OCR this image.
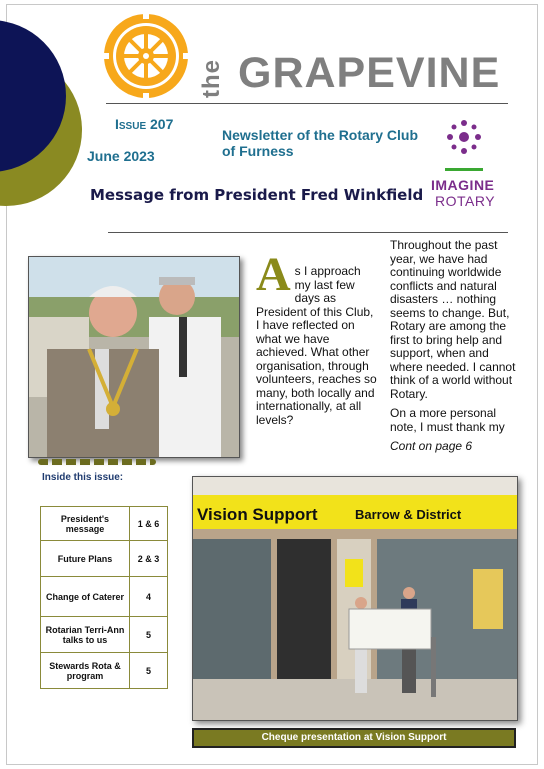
the GRAPEVINE
Issue 207
June 2023
Newsletter of the Rotary Club of Furness
IMAGINE
ROTARY
Message from President Fred Winkfield
As I approach my last few days as President of this Club, I have reflected on what we have achieved. What other organisation, through volunteers, reaches so many, both locally and internationally, at all levels?

Throughout the past year, we have had continuing worldwide conflicts and natural disasters … nothing seems to change. But, Rotary are among the first to bring help and support, when and where needed. I cannot think of a world without Rotary.

On a more personal note, I must thank my

Cont on page 6

Inside this issue:
President's message	1 & 6
Future Plans	2 & 3
Change of Caterer	4
Rotarian Terri-Ann talks to us	5
Stewards Rota & program	5
Vision Support	Barrow & District
Cheque presentation at Vision Support
